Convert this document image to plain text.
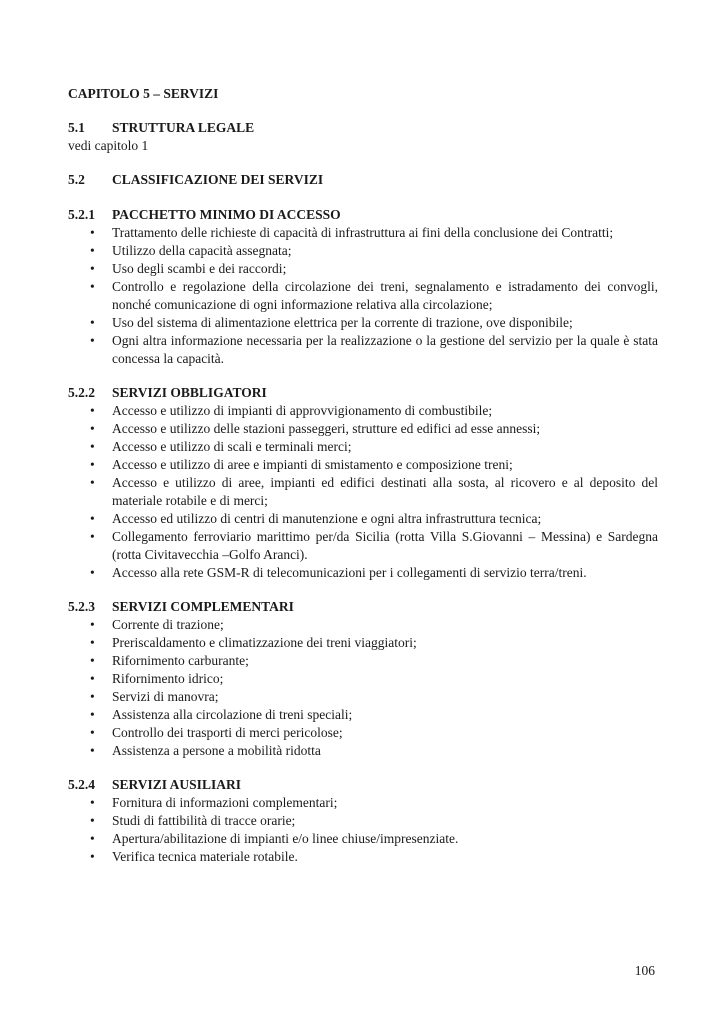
CAPITOLO 5 – SERVIZI
5.1	STRUTTURA LEGALE
vedi capitolo 1
5.2	CLASSIFICAZIONE DEI SERVIZI
5.2.1	PACCHETTO MINIMO DI ACCESSO
• Trattamento delle richieste di capacità di infrastruttura ai fini della conclusione dei Contratti;
• Utilizzo della capacità assegnata;
• Uso degli scambi e dei raccordi;
• Controllo e regolazione della circolazione dei treni, segnalamento e istradamento dei convogli, nonché comunicazione di ogni informazione relativa alla circolazione;
• Uso del sistema di alimentazione elettrica per la corrente di trazione, ove disponibile;
• Ogni altra informazione necessaria per la realizzazione o la gestione del servizio per la quale è stata concessa la capacità.
5.2.2	SERVIZI OBBLIGATORI
• Accesso e utilizzo di impianti di approvvigionamento di combustibile;
• Accesso e utilizzo delle stazioni passeggeri, strutture ed edifici ad esse annessi;
• Accesso e utilizzo di scali e terminali merci;
• Accesso e utilizzo di aree e impianti di smistamento e composizione treni;
• Accesso e utilizzo di aree, impianti ed edifici destinati alla sosta, al ricovero e al deposito del materiale rotabile e di merci;
• Accesso ed utilizzo di centri di manutenzione e ogni altra infrastruttura tecnica;
• Collegamento ferroviario marittimo per/da Sicilia (rotta Villa S.Giovanni – Messina) e Sardegna (rotta Civitavecchia –Golfo Aranci).
• Accesso alla rete GSM-R di telecomunicazioni per i collegamenti di servizio terra/treni.
5.2.3	SERVIZI COMPLEMENTARI
• Corrente di trazione;
• Preriscaldamento e climatizzazione dei treni viaggiatori;
• Rifornimento carburante;
• Rifornimento idrico;
• Servizi di manovra;
• Assistenza alla circolazione di treni speciali;
• Controllo dei trasporti di merci pericolose;
• Assistenza a persone a mobilità ridotta
5.2.4	SERVIZI AUSILIARI
• Fornitura di informazioni complementari;
• Studi di fattibilità di tracce orarie;
• Apertura/abilitazione di impianti e/o linee chiuse/impresenziate.
• Verifica tecnica materiale rotabile.
106
